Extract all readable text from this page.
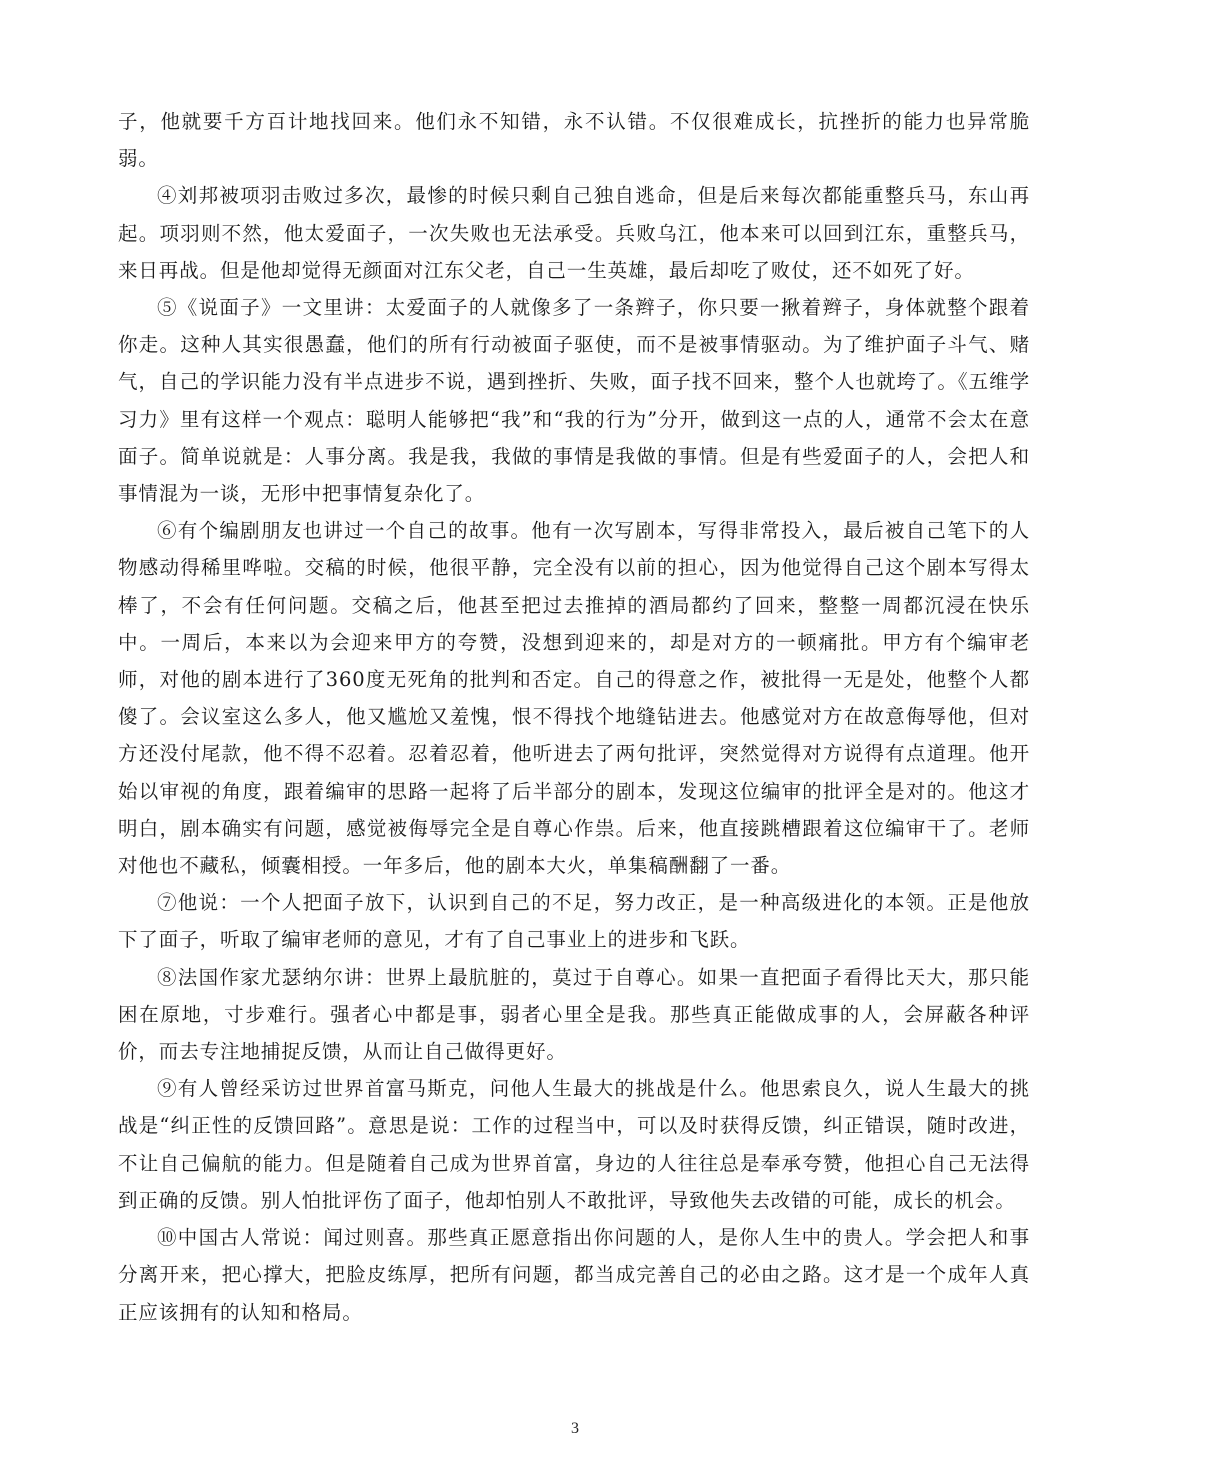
子，他就要千方百计地找回来。他们永不知错，永不认错。不仅很难成长，抗挫折的能力也异常脆弱。

④刘邦被项羽击败过多次，最惨的时候只剩自己独自逃命，但是后来每次都能重整兵马，东山再起。项羽则不然，他太爱面子，一次失败也无法承受。兵败乌江，他本来可以回到江东，重整兵马，来日再战。但是他却觉得无颜面对江东父老，自己一生英雄，最后却吃了败仗，还不如死了好。

⑤《说面子》一文里讲：太爱面子的人就像多了一条辫子，你只要一揪着辫子，身体就整个跟着你走。这种人其实很愚蠢，他们的所有行动被面子驱使，而不是被事情驱动。为了维护面子斗气、赌气，自己的学识能力没有半点进步不说，遇到挫折、失败，面子找不回来，整个人也就垮了。《五维学习力》里有这样一个观点：聪明人能够把“我”和“我的行为”分开，做到这一点的人，通常不会太在意面子。简单说就是：人事分离。我是我，我做的事情是我做的事情。但是有些爱面子的人，会把人和事情混为一谈，无形中把事情复杂化了。

⑥有个编剧朋友也讲过一个自己的故事。他有一次写剧本，写得非常投入，最后被自己笔下的人物感动得稀里哗啦。交稿的时候，他很平静，完全没有以前的担心，因为他觉得自己这个剧本写得太棒了，不会有任何问题。交稿之后，他甚至把过去推掉的酒局都约了回来，整整一周都沉浸在快乐中。一周后，本来以为会迎来甲方的夸赞，没想到迎来的，却是对方的一顿痛批。甲方有个编审老师，对他的剧本进行了360度无死角的批判和否定。自己的得意之作，被批得一无是处，他整个人都傻了。会议室这么多人，他又尴尬又羞愧，恨不得找个地缝钻进去。他感觉对方在故意侮辱他，但对方还没付尾款，他不得不忍着。忍着忍着，他听进去了两句批评，突然觉得对方说得有点道理。他开始以审视的角度，跟着编审的思路一起将了后半部分的剧本，发现这位编审的批评全是对的。他这才明白，剧本确实有问题，感觉被侮辱完全是自尊心作祟。后来，他直接跳槽跟着这位编审干了。老师对他也不藏私，倾囊相授。一年多后，他的剧本大火，单集稿酬翻了一番。

⑦他说：一个人把面子放下，认识到自己的不足，努力改正，是一种高级进化的本领。正是他放下了面子，听取了编审老师的意见，才有了自己事业上的进步和飞跃。

⑧法国作家尤瑟纳尔讲：世界上最肮脏的，莫过于自尊心。如果一直把面子看得比天大，那只能困在原地，寸步难行。强者心中都是事，弱者心里全是我。那些真正能做成事的人，会屏蔽各种评价，而去专注地捕捉反馈，从而让自己做得更好。

⑨有人曾经采访过世界首富马斯克，问他人生最大的挑战是什么。他思索良久，说人生最大的挑战是“纠正性的反馈回路”。意思是说：工作的过程当中，可以及时获得反馈，纠正错误，随时改进，不让自己偏航的能力。但是随着自己成为世界首富，身边的人往往总是奉承夸赞，他担心自己无法得到正确的反馈。别人怕批评伤了面子，他却怕别人不敢批评，导致他失去改错的可能，成长的机会。

⑩中国古人常说：闻过则喜。那些真正愿意指出你问题的人，是你人生中的贵人。学会把人和事分离开来，把心撑大，把脸皮练厚，把所有问题，都当成完善自己的必由之路。这才是一个成年人真正应该拥有的认知和格局。

3
